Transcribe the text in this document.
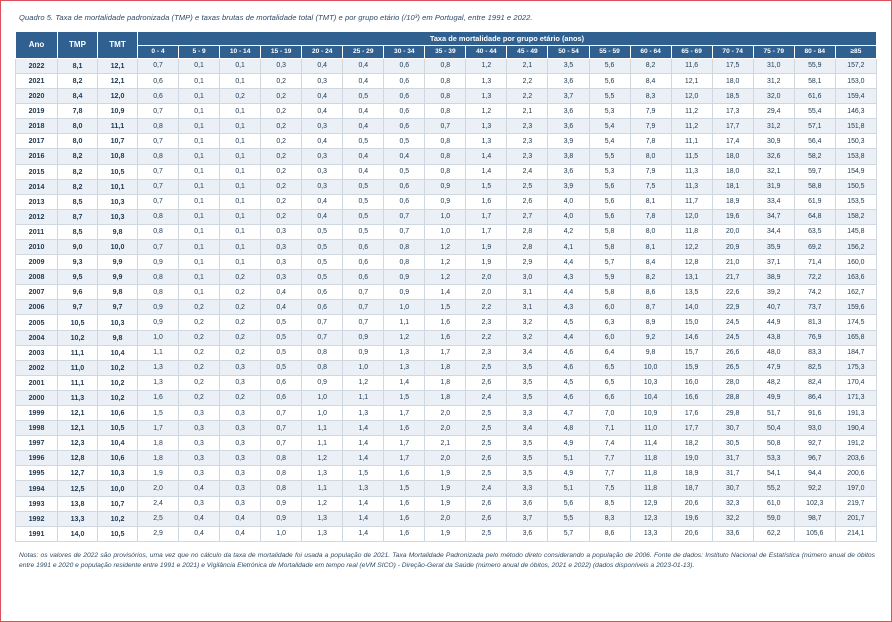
Quadro 5. Taxa de mortalidade padronizada (TMP) e taxas brutas de mortalidade total (TMT) e por grupo etário (/10³) em Portugal, entre 1991 e 2022.
Ano	TMP	TMT	Taxa de mortalidade por grupo etário (anos)																	
			0 - 4	5 - 9	10 - 14	15 - 19	20 - 24	25 - 29	30 - 34	35 - 39	40 - 44	45 - 49	50 - 54	55 - 59	60 - 64	65 - 69	70 - 74	75 - 79	80 - 84	≥85
2022	8,1	12,1	0,7	0,1	0,1	0,3	0,4	0,4	0,6	0,8	1,2	2,1	3,5	5,6	8,2	11,6	17,5	31,0	55,9	157,2
2021	8,2	12,1	0,6	0,1	0,1	0,2	0,3	0,4	0,6	0,8	1,3	2,2	3,6	5,6	8,4	12,1	18,0	31,2	58,1	153,0
2020	8,4	12,0	0,6	0,1	0,2	0,2	0,4	0,5	0,6	0,8	1,3	2,2	3,7	5,5	8,3	12,0	18,5	32,0	61,6	159,4
2019	7,8	10,9	0,7	0,1	0,1	0,2	0,4	0,4	0,6	0,8	1,2	2,1	3,6	5,3	7,9	11,2	17,3	29,4	55,4	146,3
2018	8,0	11,1	0,8	0,1	0,1	0,2	0,3	0,4	0,6	0,7	1,3	2,3	3,6	5,4	7,9	11,2	17,7	31,2	57,1	151,8
2017	8,0	10,7	0,7	0,1	0,1	0,2	0,4	0,5	0,5	0,8	1,3	2,3	3,9	5,4	7,8	11,1	17,4	30,9	56,4	150,3
2016	8,2	10,8	0,8	0,1	0,1	0,2	0,3	0,4	0,4	0,8	1,4	2,3	3,8	5,5	8,0	11,5	18,0	32,6	58,2	153,8
2015	8,2	10,5	0,7	0,1	0,1	0,2	0,3	0,4	0,5	0,8	1,4	2,4	3,6	5,3	7,9	11,3	18,0	32,1	59,7	154,9
2014	8,2	10,1	0,7	0,1	0,1	0,2	0,3	0,5	0,6	0,9	1,5	2,5	3,9	5,6	7,5	11,3	18,1	31,9	58,8	150,5
2013	8,5	10,3	0,7	0,1	0,1	0,2	0,4	0,5	0,6	0,9	1,6	2,6	4,0	5,6	8,1	11,7	18,9	33,4	61,9	153,5
2012	8,7	10,3	0,8	0,1	0,1	0,2	0,4	0,5	0,7	1,0	1,7	2,7	4,0	5,6	7,8	12,0	19,6	34,7	64,8	158,2
2011	8,5	9,8	0,8	0,1	0,1	0,3	0,5	0,5	0,7	1,0	1,7	2,8	4,2	5,8	8,0	11,8	20,0	34,4	63,5	145,8
2010	9,0	10,0	0,7	0,1	0,1	0,3	0,5	0,6	0,8	1,2	1,9	2,8	4,1	5,8	8,1	12,2	20,9	35,9	69,2	156,2
2009	9,3	9,9	0,9	0,1	0,1	0,3	0,5	0,6	0,8	1,2	1,9	2,9	4,4	5,7	8,4	12,8	21,0	37,1	71,4	160,0
2008	9,5	9,9	0,8	0,1	0,2	0,3	0,5	0,6	0,9	1,2	2,0	3,0	4,3	5,9	8,2	13,1	21,7	38,9	72,2	163,6
2007	9,6	9,8	0,8	0,1	0,2	0,4	0,6	0,7	0,9	1,4	2,0	3,1	4,4	5,8	8,6	13,5	22,6	39,2	74,2	162,7
2006	9,7	9,7	0,9	0,2	0,2	0,4	0,6	0,7	1,0	1,5	2,2	3,1	4,3	6,0	8,7	14,0	22,9	40,7	73,7	159,6
2005	10,5	10,3	0,9	0,2	0,2	0,5	0,7	0,7	1,1	1,6	2,3	3,2	4,5	6,3	8,9	15,0	24,5	44,9	81,3	174,5
2004	10,2	9,8	1,0	0,2	0,2	0,5	0,7	0,9	1,2	1,6	2,2	3,2	4,4	6,0	9,2	14,6	24,5	43,8	76,9	165,8
2003	11,1	10,4	1,1	0,2	0,2	0,5	0,8	0,9	1,3	1,7	2,3	3,4	4,6	6,4	9,8	15,7	26,6	48,0	83,3	184,7
2002	11,0	10,2	1,3	0,2	0,3	0,5	0,8	1,0	1,3	1,8	2,5	3,5	4,6	6,5	10,0	15,9	26,5	47,9	82,5	175,3
2001	11,1	10,2	1,3	0,2	0,3	0,6	0,9	1,2	1,4	1,8	2,6	3,5	4,5	6,5	10,3	16,0	28,0	48,2	82,4	170,4
2000	11,3	10,2	1,6	0,2	0,2	0,6	1,0	1,1	1,5	1,8	2,4	3,5	4,6	6,6	10,4	16,6	28,8	49,9	86,4	171,3
1999	12,1	10,6	1,5	0,3	0,3	0,7	1,0	1,3	1,7	2,0	2,5	3,3	4,7	7,0	10,9	17,6	29,8	51,7	91,6	191,3
1998	12,1	10,5	1,7	0,3	0,3	0,7	1,1	1,4	1,6	2,0	2,5	3,4	4,8	7,1	11,0	17,7	30,7	50,4	93,0	190,4
1997	12,3	10,4	1,8	0,3	0,3	0,7	1,1	1,4	1,7	2,1	2,5	3,5	4,9	7,4	11,4	18,2	30,5	50,8	92,7	191,2
1996	12,8	10,6	1,8	0,3	0,3	0,8	1,2	1,4	1,7	2,0	2,6	3,5	5,1	7,7	11,8	19,0	31,7	53,3	96,7	203,6
1995	12,7	10,3	1,9	0,3	0,3	0,8	1,3	1,5	1,6	1,9	2,5	3,5	4,9	7,7	11,8	18,9	31,7	54,1	94,4	200,6
1994	12,5	10,0	2,0	0,4	0,3	0,8	1,1	1,3	1,5	1,9	2,4	3,3	5,1	7,5	11,8	18,7	30,7	55,2	92,2	197,0
1993	13,8	10,7	2,4	0,3	0,3	0,9	1,2	1,4	1,6	1,9	2,6	3,6	5,6	8,5	12,9	20,6	32,3	61,0	102,3	219,7
1992	13,3	10,2	2,5	0,4	0,4	0,9	1,3	1,4	1,6	2,0	2,6	3,7	5,5	8,3	12,3	19,6	32,2	59,0	98,7	201,7
1991	14,0	10,5	2,9	0,4	0,4	1,0	1,3	1,4	1,6	1,9	2,5	3,6	5,7	8,6	13,3	20,6	33,6	62,2	105,6	214,1
Notas: os valores de 2022 são provisórios, uma vez que no cálculo da taxa de mortalidade foi usada a população de 2021. Taxa Mortalidade Padronizada pelo método direto considerando a população de 2006. Fonte de dados: Instituto Nacional de Estatística (número anual de óbitos entre 1991 e 2020 e população residente entre 1991 e 2021) e Vigilância Eletrónica de Mortalidade em tempo real (eVM SICO) - Direção-Geral da Saúde (número anual de óbitos, 2021 e 2022) (dados disponíveis a 2023-01-13).
